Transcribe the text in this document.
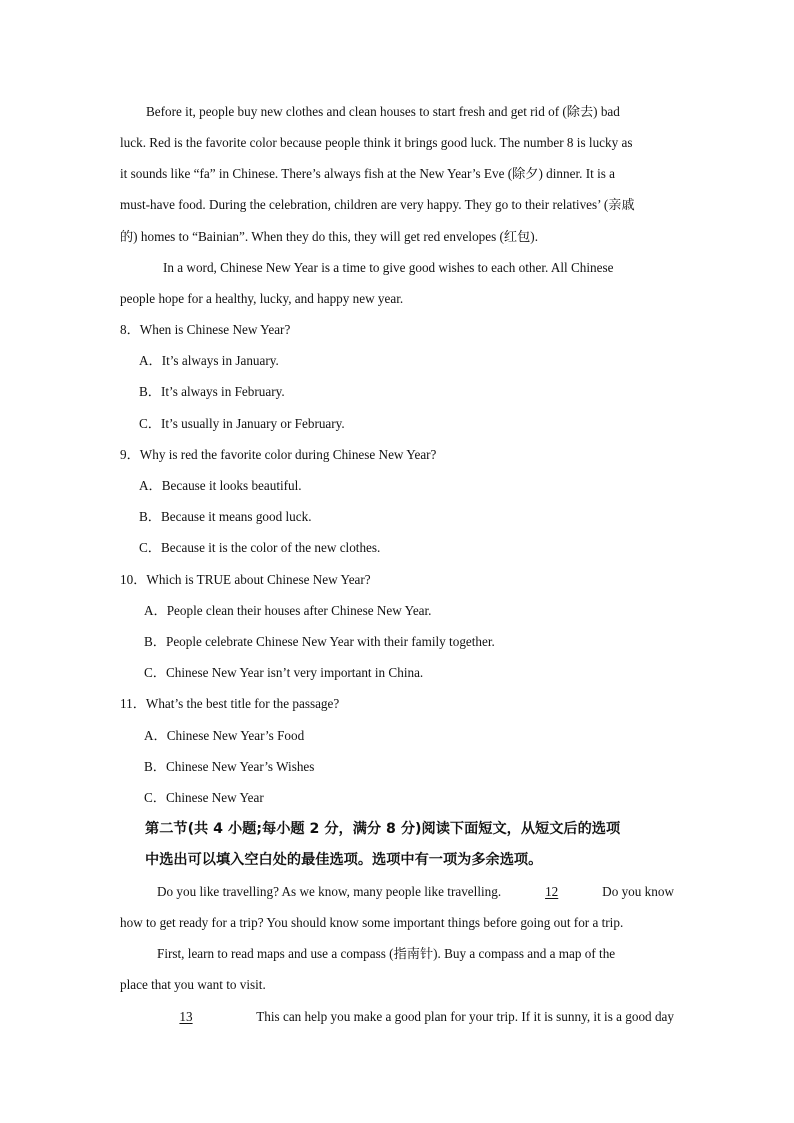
Before it, people buy new clothes and clean houses to start fresh and get rid of (除去) bad
luck. Red is the favorite color because people think it brings good luck. The number 8 is lucky as
it sounds like “fa” in Chinese. There’s always fish at the New Year’s Eve (除夕) dinner. It is a
must-have food. During the celebration, children are very happy. They go to their relatives’ (亲戚
的) homes to “Bainian”. When they do this, they will get red envelopes (红包).
In a word, Chinese New Year is a time to give good wishes to each other. All Chinese
people hope for a healthy, lucky, and happy new year.
8．When is Chinese New Year?
A．It’s always in January.
B．It’s always in February.
C．It’s usually in January or February.
9．Why is red the favorite color during Chinese New Year?
A．Because it looks beautiful.
B．Because it means good luck.
C．Because it is the color of the new clothes.
10．Which is TRUE about Chinese New Year?
A．People clean their houses after Chinese New Year.
B．People celebrate Chinese New Year with their family together.
C．Chinese New Year isn’t very important in China.
11．What’s the best title for the passage?
A．Chinese New Year’s Food
B．Chinese New Year’s Wishes
C．Chinese New Year
第二节(共 4 小题;每小题 2 分，满分 8 分)阅读下面短文，从短文后的选项
中选出可以填入空白处的最佳选项。选项中有一项为多余选项。
Do you like travelling? As we know, many people like travelling.	12	Do you know
how to get ready for a trip? You should know some important things before going out for a trip.
First, learn to read maps and use a compass (指南针). Buy a compass and a map of the
place that you want to visit.
13	This can help you make a good plan for your trip. If it is sunny, it is a good day
